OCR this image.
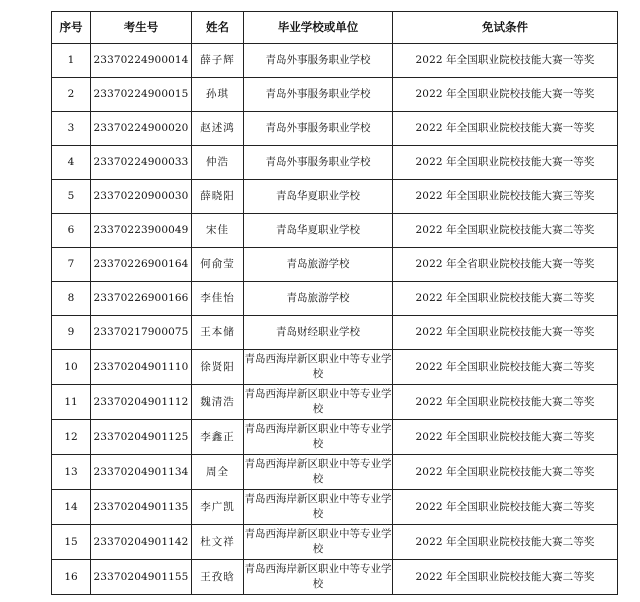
序号	考生号	姓名	毕业学校或单位	免试条件
1	23370224900014	薛子辉	青岛外事服务职业学校	2022 年全国职业院校技能大赛一等奖
2	23370224900015	孙琪	青岛外事服务职业学校	2022 年全国职业院校技能大赛一等奖
3	23370224900020	赵述鸿	青岛外事服务职业学校	2022 年全国职业院校技能大赛一等奖
4	23370224900033	仲浩	青岛外事服务职业学校	2022 年全国职业院校技能大赛一等奖
5	23370220900030	薛晓阳	青岛华夏职业学校	2022 年全国职业院校技能大赛三等奖
6	23370223900049	宋佳	青岛华夏职业学校	2022 年全国职业院校技能大赛二等奖
7	23370226900164	何俞莹	青岛旅游学校	2022 年全省职业院校技能大赛一等奖
8	23370226900166	李佳怡	青岛旅游学校	2022 年全国职业院校技能大赛二等奖
9	23370217900075	王本储	青岛财经职业学校	2022 年全国职业院校技能大赛一等奖
10	23370204901110	徐贤阳	青岛西海岸新区职业中等专业学校	2022 年全国职业院校技能大赛二等奖
11	23370204901112	魏清浩	青岛西海岸新区职业中等专业学校	2022 年全国职业院校技能大赛二等奖
12	23370204901125	李鑫正	青岛西海岸新区职业中等专业学校	2022 年全国职业院校技能大赛二等奖
13	23370204901134	周全	青岛西海岸新区职业中等专业学校	2022 年全国职业院校技能大赛二等奖
14	23370204901135	李广凯	青岛西海岸新区职业中等专业学校	2022 年全国职业院校技能大赛二等奖
15	23370204901142	杜文祥	青岛西海岸新区职业中等专业学校	2022 年全国职业院校技能大赛二等奖
16	23370204901155	王孜晗	青岛西海岸新区职业中等专业学校	2022 年全国职业院校技能大赛二等奖
